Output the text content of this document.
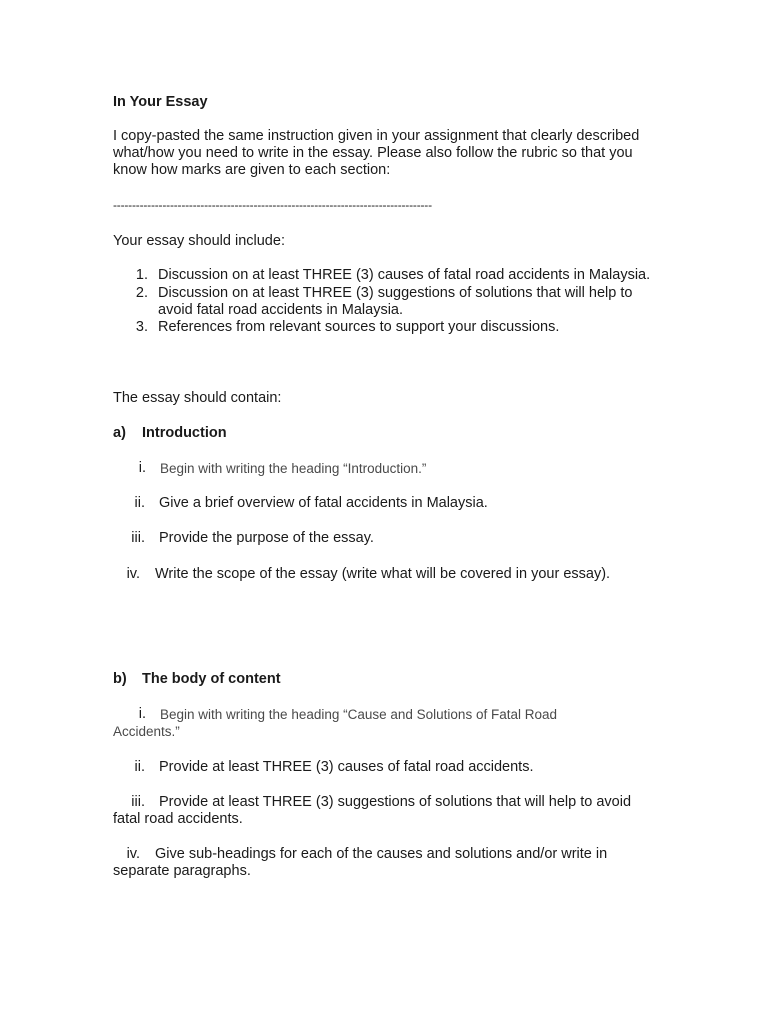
In Your Essay
I copy-pasted the same instruction given in your assignment that clearly described
what/how you need to write in the essay. Please also follow the rubric so that you
know how marks are given to each section:
------------------------------------------------------------------------------------
Your essay should include:
1. Discussion on at least THREE (3) causes of fatal road accidents in Malaysia.
2. Discussion on at least THREE (3) suggestions of solutions that will help to
avoid fatal road accidents in Malaysia.
3. References from relevant sources to support your discussions.
The essay should contain:
a) Introduction
i. Begin with writing the heading “Introduction.”
ii. Give a brief overview of fatal accidents in Malaysia.
iii. Provide the purpose of the essay.
iv. Write the scope of the essay (write what will be covered in your essay).
b) The body of content
i. Begin with writing the heading “Cause and Solutions of Fatal Road
Accidents.”
ii. Provide at least THREE (3) causes of fatal road accidents.
iii. Provide at least THREE (3) suggestions of solutions that will help to avoid
fatal road accidents.
iv. Give sub-headings for each of the causes and solutions and/or write in
separate paragraphs.
